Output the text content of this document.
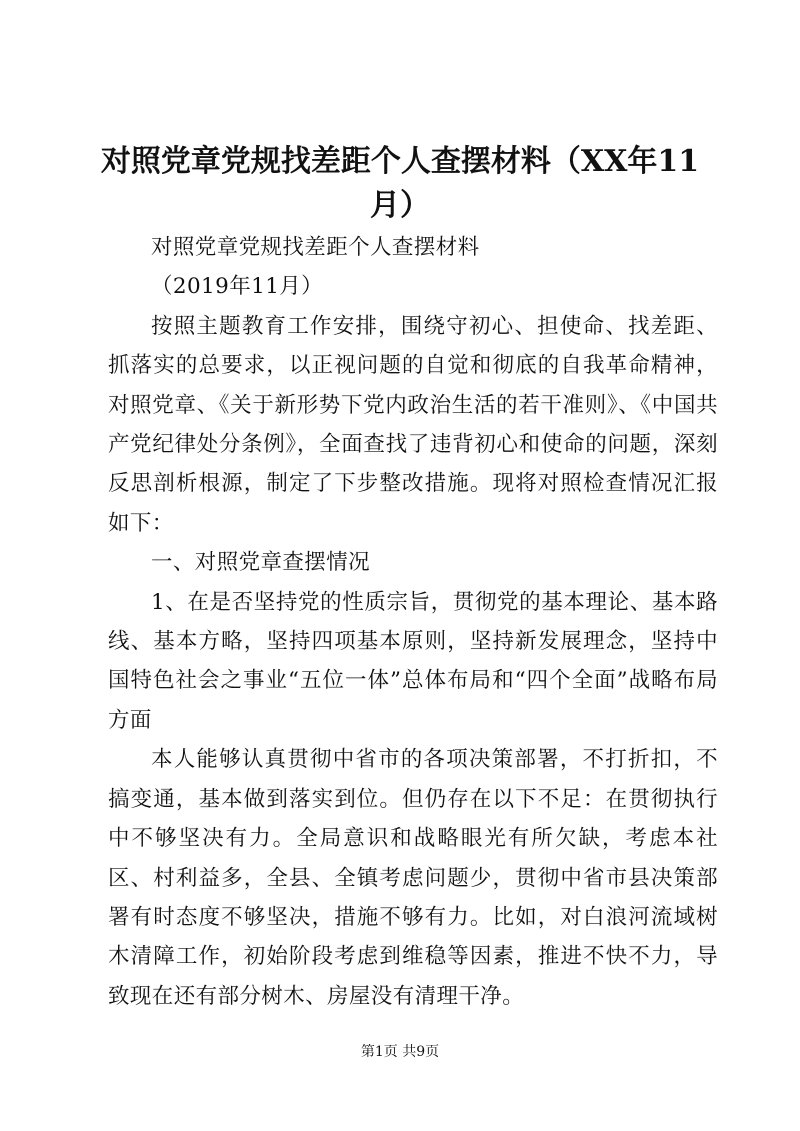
对照党章党规找差距个人查摆材料（XX年11月）

对照党章党规找差距个人查摆材料

（2019年11月）

按照主题教育工作安排，围绕守初心、担使命、找差距、抓落实的总要求，以正视问题的自觉和彻底的自我革命精神，对照党章、《关于新形势下党内政治生活的若干准则》、《中国共产党纪律处分条例》，全面查找了违背初心和使命的问题，深刻反思剖析根源，制定了下步整改措施。现将对照检查情况汇报如下：

一、对照党章查摆情况

1、在是否坚持党的性质宗旨，贯彻党的基本理论、基本路线、基本方略，坚持四项基本原则，坚持新发展理念，坚持中国特色社会之事业“五位一体”总体布局和“四个全面”战略布局方面

本人能够认真贯彻中省市的各项决策部署，不打折扣，不搞变通，基本做到落实到位。但仍存在以下不足：在贯彻执行中不够坚决有力。全局意识和战略眼光有所欠缺，考虑本社区、村利益多，全县、全镇考虑问题少，贯彻中省市县决策部署有时态度不够坚决，措施不够有力。比如，对白浪河流域树木清障工作，初始阶段考虑到维稳等因素，推进不快不力，导致现在还有部分树木、房屋没有清理干净。

第1页 共9页
